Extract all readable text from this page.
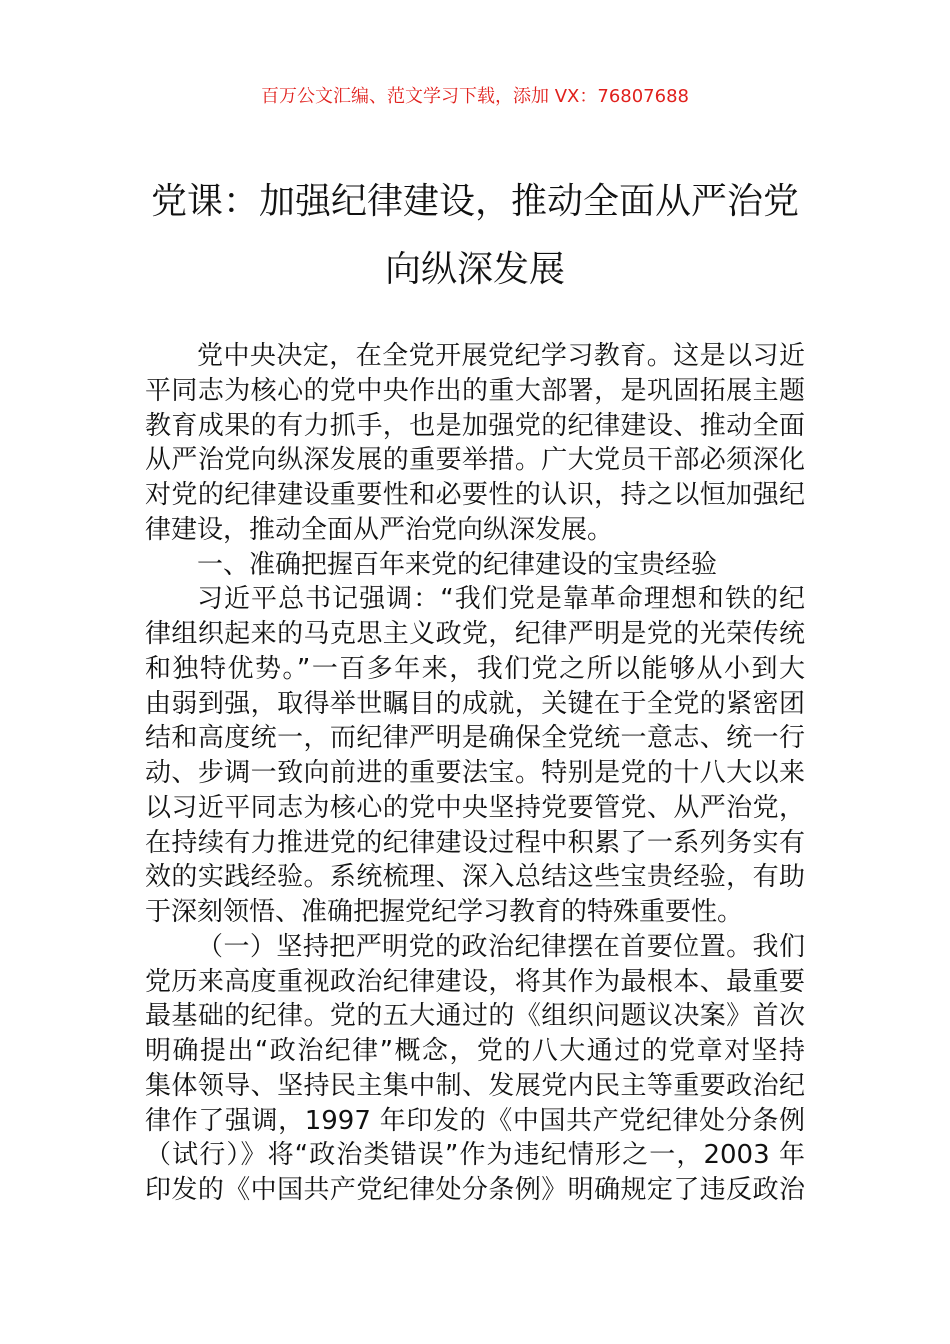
百万公文汇编、范文学习下载，添加 VX：76807688
党课：加强纪律建设，推动全面从严治党
向纵深发展
党中央决定，在全党开展党纪学习教育。这是以习近
平同志为核心的党中央作出的重大部署，是巩固拓展主题
教育成果的有力抓手，也是加强党的纪律建设、推动全面
从严治党向纵深发展的重要举措。广大党员干部必须深化
对党的纪律建设重要性和必要性的认识，持之以恒加强纪
律建设，推动全面从严治党向纵深发展。
一、准确把握百年来党的纪律建设的宝贵经验
习近平总书记强调：“我们党是靠革命理想和铁的纪
律组织起来的马克思主义政党，纪律严明是党的光荣传统
和独特优势。”一百多年来，我们党之所以能够从小到大
由弱到强，取得举世瞩目的成就，关键在于全党的紧密团
结和高度统一，而纪律严明是确保全党统一意志、统一行
动、步调一致向前进的重要法宝。特别是党的十八大以来
以习近平同志为核心的党中央坚持党要管党、从严治党，
在持续有力推进党的纪律建设过程中积累了一系列务实有
效的实践经验。系统梳理、深入总结这些宝贵经验，有助
于深刻领悟、准确把握党纪学习教育的特殊重要性。
（一）坚持把严明党的政治纪律摆在首要位置。我们
党历来高度重视政治纪律建设，将其作为最根本、最重要
最基础的纪律。党的五大通过的《组织问题议决案》首次
明确提出“政治纪律”概念，党的八大通过的党章对坚持
集体领导、坚持民主集中制、发展党内民主等重要政治纪
律作了强调，1997 年印发的《中国共产党纪律处分条例
（试行）》将“政治类错误”作为违纪情形之一，2003 年
印发的《中国共产党纪律处分条例》明确规定了违反政治
